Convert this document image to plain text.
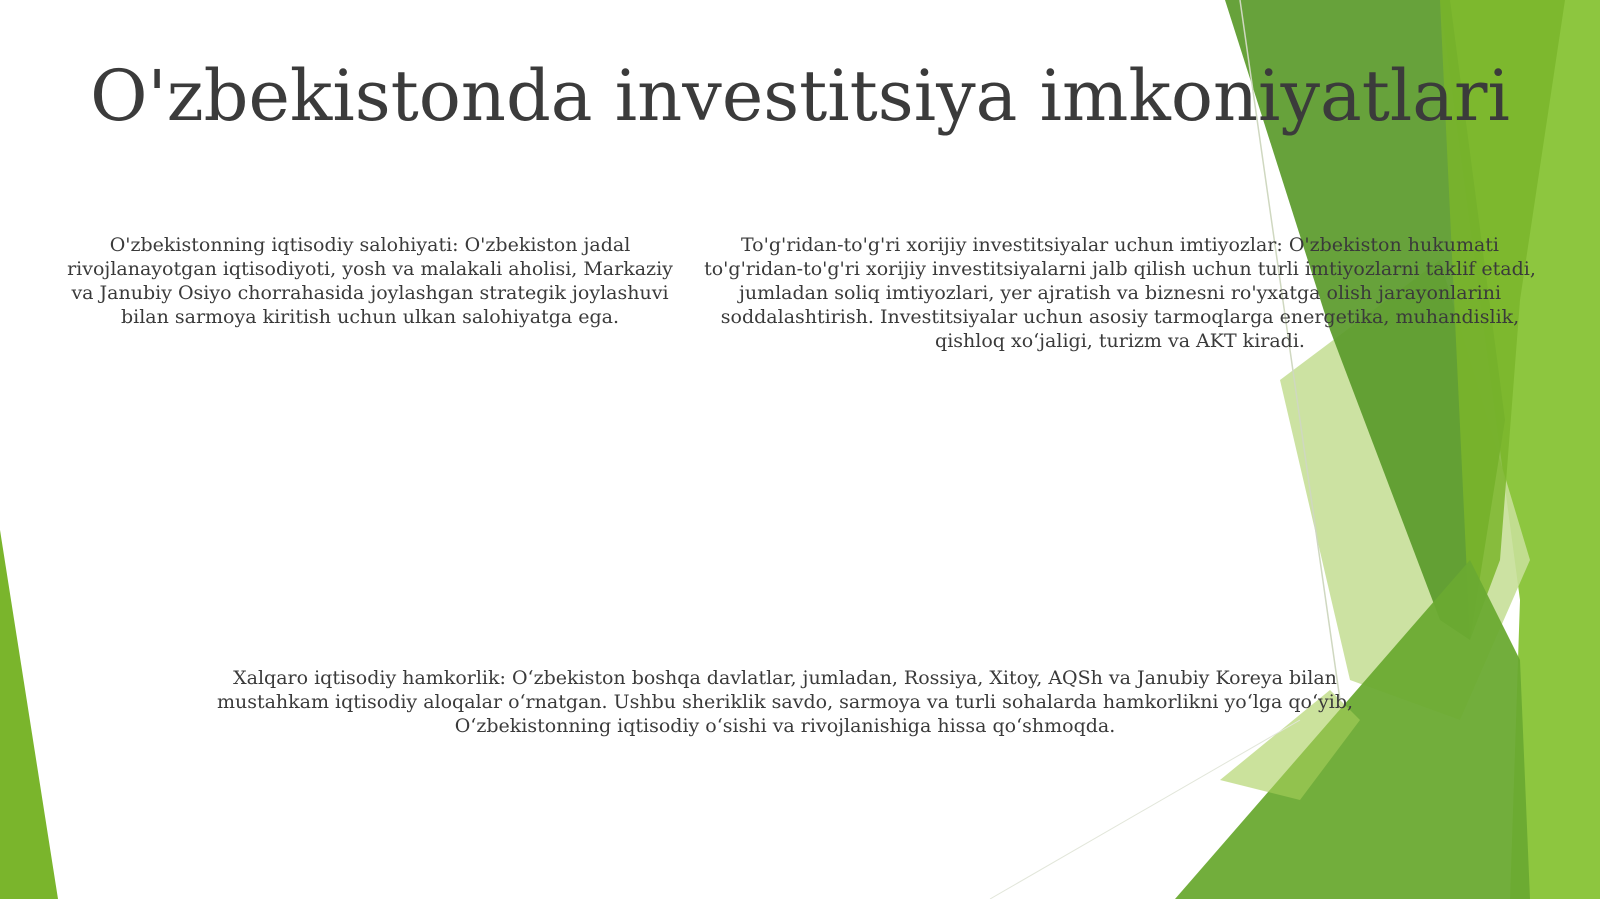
O'zbekistonda investitsiya imkoniyatlari
O'zbekistonning iqtisodiy salohiyati: O'zbekiston jadal rivojlanayotgan iqtisodiyoti, yosh va malakali aholisi, Markaziy va Janubiy Osiyo chorrahasida joylashgan strategik joylashuvi bilan sarmoya kiritish uchun ulkan salohiyatga ega.
To'g'ridan-to'g'ri xorijiy investitsiyalar uchun imtiyozlar: O'zbekiston hukumati to'g'ridan-to'g'ri xorijiy investitsiyalarni jalb qilish uchun turli imtiyozlarni taklif etadi, jumladan soliq imtiyozlari, yer ajratish va biznesni ro'yxatga olish jarayonlarini soddalashtirish. Investitsiyalar uchun asosiy tarmoqlarga energetika, muhandislik, qishloq xo‘jaligi, turizm va AKT kiradi.
Xalqaro iqtisodiy hamkorlik: O‘zbekiston boshqa davlatlar, jumladan, Rossiya, Xitoy, AQSh va Janubiy Koreya bilan mustahkam iqtisodiy aloqalar o‘rnatgan. Ushbu sheriklik savdo, sarmoya va turli sohalarda hamkorlikni yo‘lga qo‘yib, O‘zbekistonning iqtisodiy o‘sishi va rivojlanishiga hissa qo‘shmoqda.
